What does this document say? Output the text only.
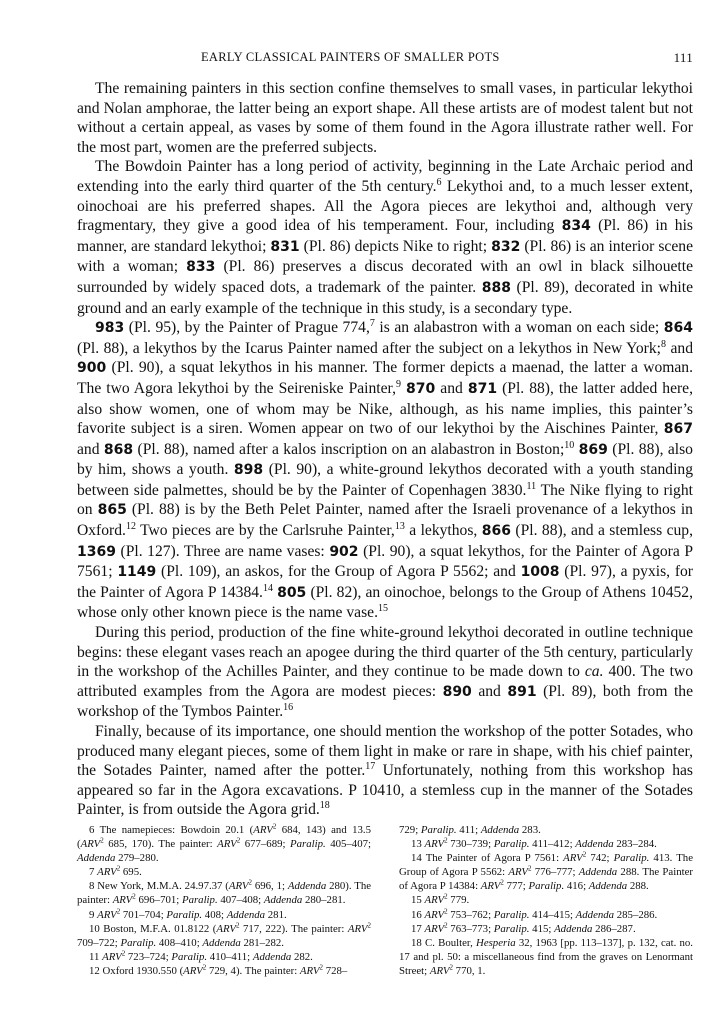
EARLY CLASSICAL PAINTERS OF SMALLER POTS	111

The remaining painters in this section confine themselves to small vases, in particular lekythoi and Nolan amphorae, the latter being an export shape. All these artists are of modest talent but not without a certain appeal, as vases by some of them found in the Agora illustrate rather well. For the most part, women are the preferred subjects.

The Bowdoin Painter has a long period of activity, beginning in the Late Archaic period and extending into the early third quarter of the 5th century.$^6$ Lekythoi and, to a much lesser extent, oinochoai are his preferred shapes. All the Agora pieces are lekythoi and, although very fragmentary, they give a good idea of his temperament. Four, including 834 (Pl. 86) in his manner, are standard lekythoi; 831 (Pl. 86) depicts Nike to right; 832 (Pl. 86) is an interior scene with a woman; 833 (Pl. 86) preserves a discus decorated with an owl in black silhouette surrounded by widely spaced dots, a trademark of the painter. 888 (Pl. 89), decorated in white ground and an early example of the technique in this study, is a secondary type.

983 (Pl. 95), by the Painter of Prague 774,$^7$ is an alabastron with a woman on each side; 864 (Pl. 88), a lekythos by the Icarus Painter named after the subject on a lekythos in New York;$^8$ and 900 (Pl. 90), a squat lekythos in his manner. The former depicts a maenad, the latter a woman. The two Agora lekythoi by the Seireniske Painter,$^9$ 870 and 871 (Pl. 88), the latter added here, also show women, one of whom may be Nike, although, as his name implies, this painter’s favorite subject is a siren. Women appear on two of our lekythoi by the Aischines Painter, 867 and 868 (Pl. 88), named after a kalos inscription on an alabastron in Boston;$^{10}$ 869 (Pl. 88), also by him, shows a youth. 898 (Pl. 90), a white-ground lekythos decorated with a youth standing between side palmettes, should be by the Painter of Copenhagen 3830.11 The Nike flying to right on 865 (Pl. 88) is by the Beth Pelet Painter, named after the Israeli provenance of a lekythos in Oxford.$^{12}$ Two pieces are by the Carlsruhe Painter,$^{13}$ a lekythos, 866 (Pl. 88), and a stemless cup, 1369 (Pl. 127). Three are name vases: 902 (Pl. 90), a squat lekythos, for the Painter of Agora P 7561; 1149 (Pl. 109), an askos, for the Group of Agora P 5562; and 1008 (Pl. 97), a pyxis, for the Painter of Agora P 14384.14 805 (Pl. 82), an oinochoe, belongs to the Group of Athens 10452, whose only other known piece is the name vase.$^{15}$

During this period, production of the fine white-ground lekythoi decorated in outline technique begins: these elegant vases reach an apogee during the third quarter of the 5th century, particularly in the workshop of the Achilles Painter, and they continue to be made down to ca. 400. The two attributed examples from the Agora are modest pieces: 890 and 891 (Pl. 89), both from the workshop of the Tymbos Painter.$^{16}$

Finally, because of its importance, one should mention the workshop of the potter Sotades, who produced many elegant pieces, some of them light in make or rare in shape, with his chief painter, the Sotades Painter, named after the potter.$^{17}$ Unfortunately, nothing from this workshop has appeared so far in the Agora excavations. P 10410, a stemless cup in the manner of the Sotades Painter, is from outside the Agora grid.$^{18}$

6 The namepieces: Bowdoin 20.1 (ARV$^2$ 684, 143) and 13.5 (ARV$^2$ 685, 170). The painter: ARV$^2$ 677–689; Paralip. 405–407; Addenda 279–280.

7 ARV$^2$ 695.

8 New York, M.M.A. 24.97.37 (ARV$^2$ 696, 1; Addenda 280). The painter: ARV$^2$ 696–701; Paralip. 407–408; Addenda 280–281.

9 ARV$^2$ 701–704; Paralip. 408; Addenda 281.

10 Boston, M.F.A. 01.8122 (ARV$^2$ 717, 222). The painter: ARV$^2$ 709–722; Paralip. 408–410; Addenda 281–282.

11 ARV$^2$ 723–724; Paralip. 410–411; Addenda 282.

12 Oxford 1930.550 (ARV$^2$ 729, 4). The painter: ARV$^2$ 728–

729; Paralip. 411; Addenda 283.

13 ARV$^2$ 730–739; Paralip. 411–412; Addenda 283–284.

14 The Painter of Agora P 7561: ARV$^2$ 742; Paralip. 413. The Group of Agora P 5562: ARV$^2$ 776–777; Addenda 288. The Painter of Agora P 14384: ARV$^2$ 777; Paralip. 416; Addenda 288.

15 ARV$^2$ 779.

16 ARV$^2$ 753–762; Paralip. 414–415; Addenda 285–286.

17 ARV$^2$ 763–773; Paralip. 415; Addenda 286–287.

18 C. Boulter, Hesperia 32, 1963 [pp. 113–137], p. 132, cat. no. 17 and pl. 50: a miscellaneous find from the graves on Lenormant Street; ARV$^2$ 770, 1.
